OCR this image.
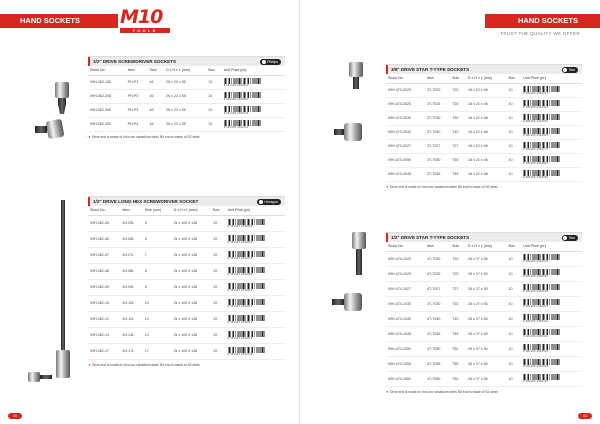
HAND SOCKETS	M10
TOOLS
1/2" DRIVE SCREWDRIVER SOCKETS	Phillips
Stock No.	Item	Size	D x H x L (mm)	Box	Unit Price (pc)
09H-062-106	PH-P3	#1	26 x 22 x 55	10	8 681305 2360810

09H-062-208	PH-P3	#2	26 x 22 x 55	10	8 681305 2360902

09H-062-306	PH-P3	#3	26 x 22 x 55	10	8 681305 2361015

09H-062-409	PH-P4	#4	26 x 22 x 55	10	8 681305 2361121
▼ Drive end is made of chro-mo vanadium steel, Bit end is made of S2 steel.
1/2" DRIVE LONG HEX SCREWDRIVER SOCKET	Hexagon
Stock No.	Item	Size (mm)	D x H x L (mm)	Box	Unit Price (pc)
09H-062-05	4H-05L	5	24 x 100 x 138	10	8 681305 2359950

09H-062-06	4H-06L	6	24 x 100 x 138	10	8 681305 2360063

09H-062-07	4H-07L	7	24 x 100 x 138	10	8 681305 2360179

09H-062-08	4H-08L	8	24 x 100 x 138	10	8 681305 2360285

09H-062-09	4H-09L	9	24 x 100 x 138	10	8 681305 2360391

09H-062-10	4H-10L	10	24 x 100 x 138	10	8 681305 2360407

09H-062-12	4H-12L	12	24 x 100 x 138	10	8 681305 2360513

09H-062-14	4H-14L	14	24 x 100 x 138	10	8 681305 2360629

09H-062-17	4H-17L	17	24 x 100 x 138	10	8 681305 2360735
▼ Drive end is made of chro-mo vanadium steel, Bit end is made of S2 steel.
40
HAND SOCKETS
TRUST THE QUALITY WE OFFER
3/8" DRIVE STAR T-TYPE SOCKETS	Star
Stock No.	Item	Size	D x H x L (mm)	Box	Unit Price (pc)
09H-473-0020	3T-T020	T20	18 x 22 x 48	10	8 681305 2364337

09H-473-0025	3T-T025	T25	18 x 22 x 48	10	8 681305 2364443

09H-473-0030	3T-T030	T30	18 x 22 x 48	10	8 681305 2364559

09H-473-0040	3T-T040	T40	18 x 22 x 48	10	8 681305 2364665

09H-473-0027	3T-T027	T27	18 x 22 x 48	10	8 681305 2364771

09H-473-0050	3T-T050	T50	18 x 22 x 48	10	8 681305 2364887

09H-473-0045	3T-T045	T45	18 x 22 x 48	10	8 681305 2364993
▼ Drive end is made of chro-mo vanadium steel, Bit end is made of S2 steel.
1/2" DRIVE STAR T-TYPE SOCKETS	Star
Stock No.	Item	Size	D x H x L (mm)	Box	Unit Price (pc)
09H-474-1020	4T-T020	T20	26 x 27 x 55	10	8 681305 2364979

09H-474-1025	4T-T025	T25	26 x 27 x 55	10	8 681305 2365082

09H-474-1027	4T-T027	T27	26 x 27 x 55	10	8 681305 2365198

09H-474-1030	4T-T030	T30	26 x 27 x 55	10	8 681305 2365204

09H-474-1040	4T-T040	T40	26 x 27 x 55	10	8 681305 2365310

09H-474-1045	4T-T045	T45	26 x 27 x 55	10	8 681305 2365426

09H-474-1050	4T-T050	T50	26 x 27 x 55	10	8 681305 2365532

09H-474-1055	4T-T055	T55	26 x 27 x 55	10	8 681305 2365648

09H-474-1060	4T-T060	T60	26 x 27 x 55	10	8 681305 2365754
▼ Drive end is made of chro-mo vanadium steel, Bit end is made of S2 steel.
41
